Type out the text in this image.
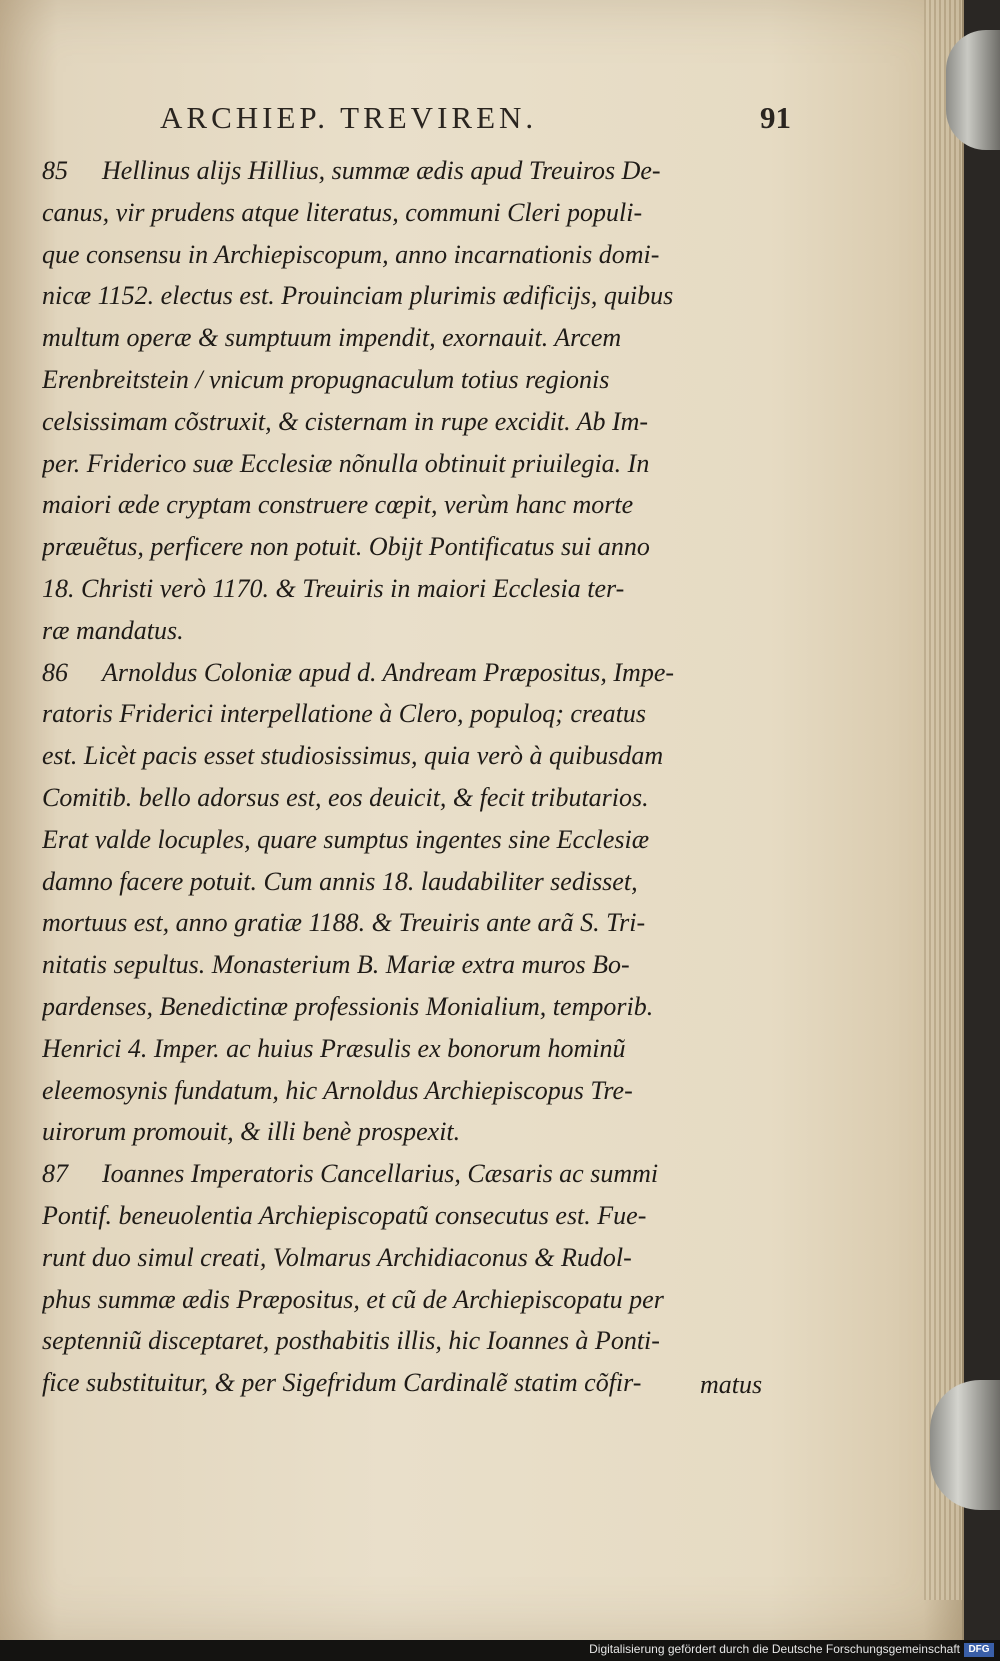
ARCHIEP. TREVIREN.	91
85 Hellinus alijs Hillius, summæ ædis apud Treuiros De-
canus, vir prudens atque literatus, communi Cleri populi-
que consensu in Archiepiscopum, anno incarnationis domi-
nicæ 1152. electus est. Prouinciam plurimis ædificijs, quibus
multum operæ & sumptuum impendit, exornauit. Arcem
Erenbreitstein / vnicum propugnaculum totius regionis
celsissimam cõstruxit, & cisternam in rupe excidit. Ab Im-
per. Friderico suæ Ecclesiæ nõnulla obtinuit priuilegia. In
maiori æde cryptam construere cœpit, verùm hanc morte
præuẽtus, perficere non potuit. Obijt Pontificatus sui anno
18. Christi verò 1170. & Treuiris in maiori Ecclesia ter-
ræ mandatus.
86 Arnoldus Coloniæ apud d. Andream Præpositus, Impe-
ratoris Friderici interpellatione à Clero, populoq; creatus
est. Licèt pacis esset studiosissimus, quia verò à quibusdam
Comitib. bello adorsus est, eos deuicit, & fecit tributarios.
Erat valde locuples, quare sumptus ingentes sine Ecclesiæ
damno facere potuit. Cum annis 18. laudabiliter sedisset,
mortuus est, anno gratiæ 1188. & Treuiris ante arã S. Tri-
nitatis sepultus. Monasterium B. Mariæ extra muros Bo-
pardenses, Benedictinæ professionis Monialium, temporib.
Henrici 4. Imper. ac huius Præsulis ex bonorum hominũ
eleemosynis fundatum, hic Arnoldus Archiepiscopus Tre-
uirorum promouit, & illi benè prospexit.
87 Ioannes Imperatoris Cancellarius, Cæsaris ac summi
Pontif. beneuolentia Archiepiscopatũ consecutus est. Fue-
runt duo simul creati, Volmarus Archidiaconus & Rudol-
phus summæ ædis Præpositus, et cũ de Archiepiscopatu per
septenniũ disceptaret, posthabitis illis, hic Ioannes à Ponti-
fice substituitur, & per Sigefridum Cardinalẽ statim cõfir-	matus
Digitalisierung gefördert durch die Deutsche Forschungsgemeinschaft DFG
